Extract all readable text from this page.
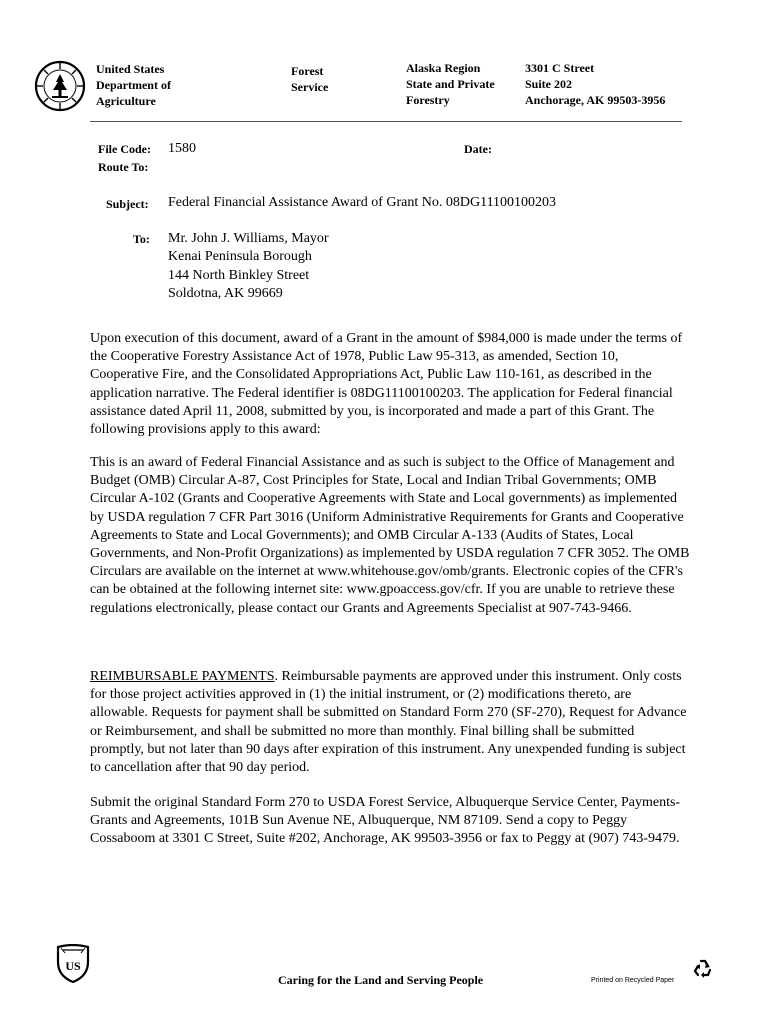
United States
Department of
Agriculture
Forest
Service
Alaska Region
State and Private
Forestry
3301 C Street
Suite 202
Anchorage, AK 99503-3956
File Code: 1580
Route To:
Date:
Subject: Federal Financial Assistance Award of Grant No. 08DG11100100203
To: Mr. John J. Williams, Mayor
Kenai Peninsula Borough
144 North Binkley Street
Soldotna, AK 99669
Upon execution of this document, award of a Grant in the amount of $984,000 is made under the terms of the Cooperative Forestry Assistance Act of 1978, Public Law 95-313, as amended, Section 10, Cooperative Fire, and the Consolidated Appropriations Act, Public Law 110-161, as described in the application narrative. The Federal identifier is 08DG11100100203. The application for Federal financial assistance dated April 11, 2008, submitted by you, is incorporated and made a part of this Grant. The following provisions apply to this award:
This is an award of Federal Financial Assistance and as such is subject to the Office of Management and Budget (OMB) Circular A-87, Cost Principles for State, Local and Indian Tribal Governments; OMB Circular A-102 (Grants and Cooperative Agreements with State and Local governments) as implemented by USDA regulation 7 CFR Part 3016 (Uniform Administrative Requirements for Grants and Cooperative Agreements to State and Local Governments); and OMB Circular A-133 (Audits of States, Local Governments, and Non-Profit Organizations) as implemented by USDA regulation 7 CFR 3052. The OMB Circulars are available on the internet at www.whitehouse.gov/omb/grants. Electronic copies of the CFR's can be obtained at the following internet site: www.gpoaccess.gov/cfr. If you are unable to retrieve these regulations electronically, please contact our Grants and Agreements Specialist at 907-743-9466.
REIMBURSABLE PAYMENTS. Reimbursable payments are approved under this instrument. Only costs for those project activities approved in (1) the initial instrument, or (2) modifications thereto, are allowable. Requests for payment shall be submitted on Standard Form 270 (SF-270), Request for Advance or Reimbursement, and shall be submitted no more than monthly. Final billing shall be submitted promptly, but not later than 90 days after expiration of this instrument. Any unexpended funding is subject to cancellation after that 90 day period.
Submit the original Standard Form 270 to USDA Forest Service, Albuquerque Service Center, Payments-Grants and Agreements, 101B Sun Avenue NE, Albuquerque, NM 87109. Send a copy to Peggy Cossaboom at 3301 C Street, Suite #202, Anchorage, AK 99503-3956 or fax to Peggy at (907) 743-9479.
US
Caring for the Land and Serving People	Printed on Recycled Paper
